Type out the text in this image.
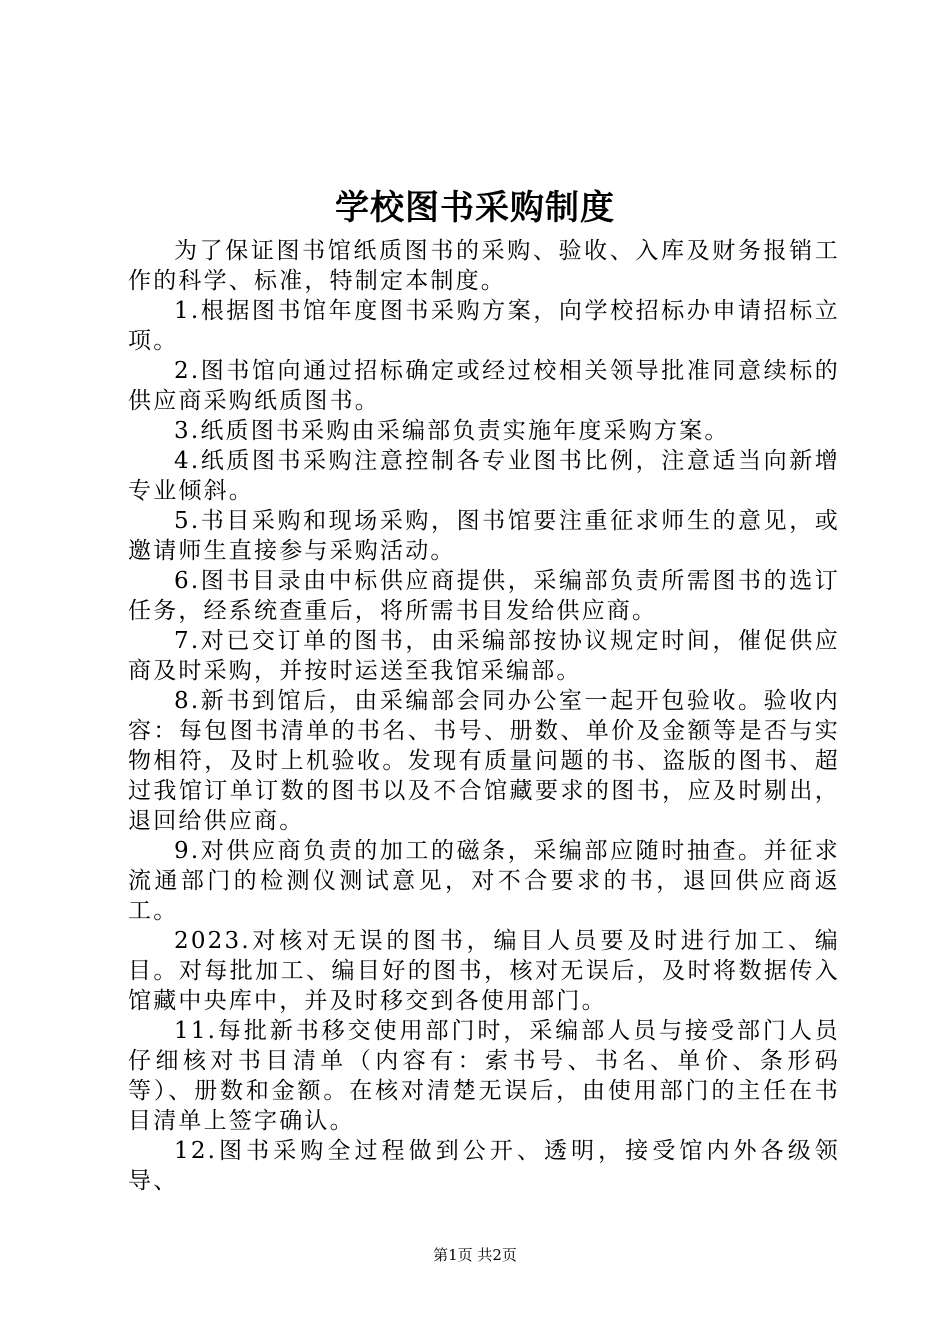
学校图书采购制度

为了保证图书馆纸质图书的采购、验收、入库及财务报销工作的科学、标准，特制定本制度。

1.根据图书馆年度图书采购方案，向学校招标办申请招标立项。

2.图书馆向通过招标确定或经过校相关领导批准同意续标的供应商采购纸质图书。

3.纸质图书采购由采编部负责实施年度采购方案。

4.纸质图书采购注意控制各专业图书比例，注意适当向新增专业倾斜。

5.书目采购和现场采购，图书馆要注重征求师生的意见，或邀请师生直接参与采购活动。

6.图书目录由中标供应商提供，采编部负责所需图书的选订任务，经系统查重后，将所需书目发给供应商。

7.对已交订单的图书，由采编部按协议规定时间，催促供应商及时采购，并按时运送至我馆采编部。

8.新书到馆后，由采编部会同办公室一起开包验收。验收内容：每包图书清单的书名、书号、册数、单价及金额等是否与实物相符，及时上机验收。发现有质量问题的书、盗版的图书、超过我馆订单订数的图书以及不合馆藏要求的图书，应及时剔出，退回给供应商。

9.对供应商负责的加工的磁条，采编部应随时抽查。并征求流通部门的检测仪测试意见，对不合要求的书，退回供应商返工。

2023.对核对无误的图书，编目人员要及时进行加工、编目。对每批加工、编目好的图书，核对无误后，及时将数据传入馆藏中央库中，并及时移交到各使用部门。

11.每批新书移交使用部门时，采编部人员与接受部门人员仔细核对书目清单（内容有：索书号、书名、单价、条形码等）、册数和金额。在核对清楚无误后，由使用部门的主任在书目清单上签字确认。

12.图书采购全过程做到公开、透明，接受馆内外各级领导、

第1页 共2页
